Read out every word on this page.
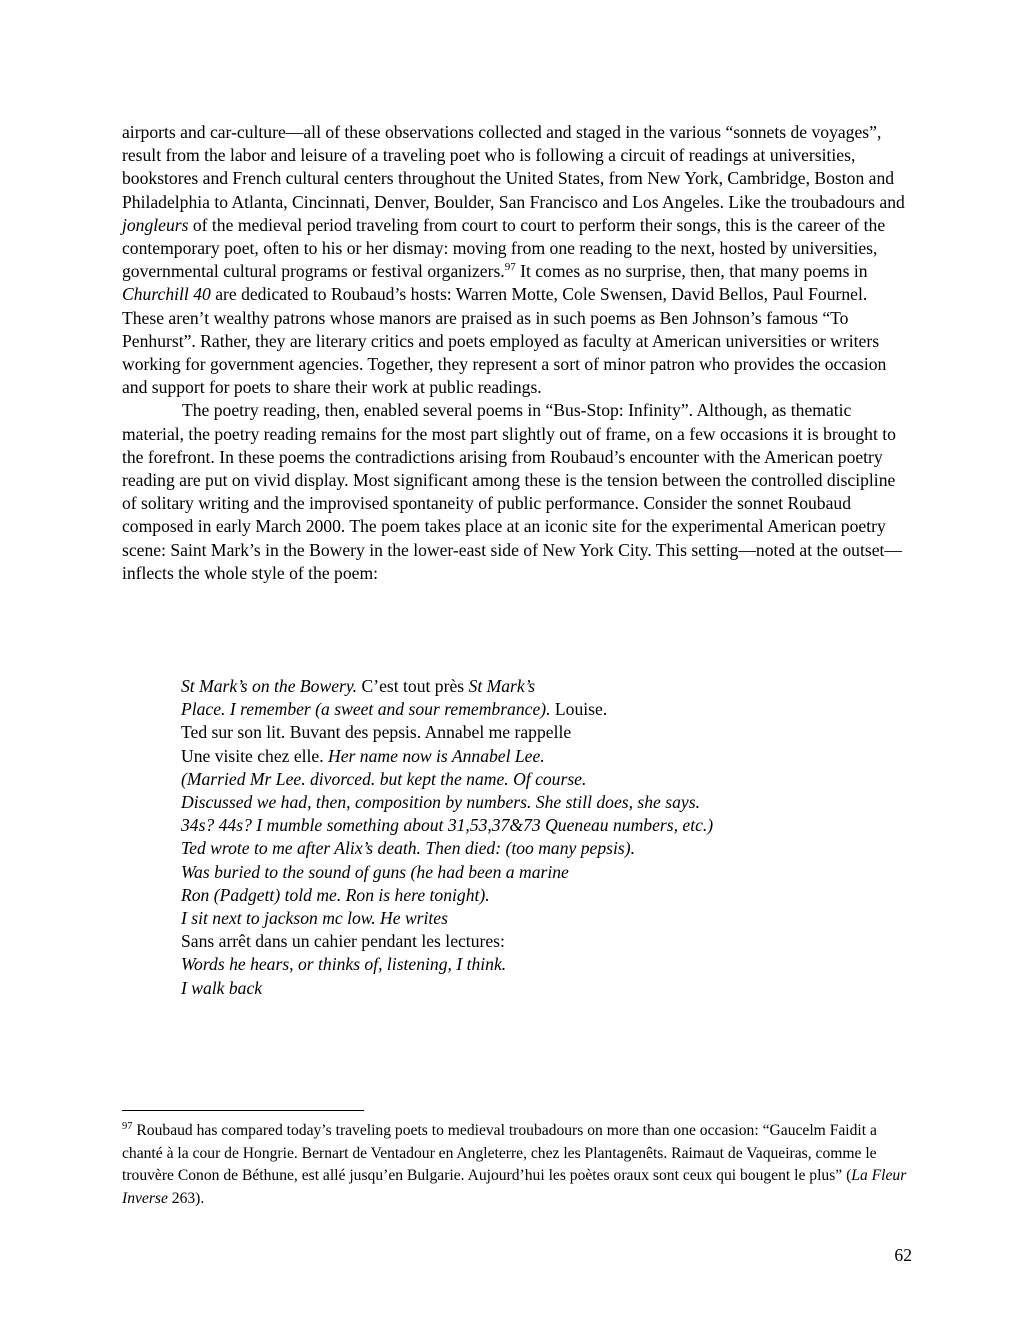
airports and car-culture—all of these observations collected and staged in the various “sonnets de voyages”, result from the labor and leisure of a traveling poet who is following a circuit of readings at universities, bookstores and French cultural centers throughout the United States, from New York, Cambridge, Boston and Philadelphia to Atlanta, Cincinnati, Denver, Boulder, San Francisco and Los Angeles. Like the troubadours and jongleurs of the medieval period traveling from court to court to perform their songs, this is the career of the contemporary poet, often to his or her dismay: moving from one reading to the next, hosted by universities, governmental cultural programs or festival organizers.$^{97}$ It comes as no surprise, then, that many poems in Churchill 40 are dedicated to Roubaud’s hosts: Warren Motte, Cole Swensen, David Bellos, Paul Fournel. These aren’t wealthy patrons whose manors are praised as in such poems as Ben Johnson’s famous “To Penhurst”. Rather, they are literary critics and poets employed as faculty at American universities or writers working for government agencies. Together, they represent a sort of minor patron who provides the occasion and support for poets to share their work at public readings.

The poetry reading, then, enabled several poems in “Bus-Stop: Infinity”. Although, as thematic material, the poetry reading remains for the most part slightly out of frame, on a few occasions it is brought to the forefront. In these poems the contradictions arising from Roubaud’s encounter with the American poetry reading are put on vivid display. Most significant among these is the tension between the controlled discipline of solitary writing and the improvised spontaneity of public performance. Consider the sonnet Roubaud composed in early March 2000. The poem takes place at an iconic site for the experimental American poetry scene: Saint Mark’s in the Bowery in the lower-east side of New York City. This setting—noted at the outset—inflects the whole style of the poem:

St Mark’s on the Bowery. C’est tout près St Mark’s
Place. I remember (a sweet and sour remembrance). Louise.
Ted sur son lit. Buvant des pepsis. Annabel me rappelle
Une visite chez elle. Her name now is Annabel Lee.
(Married Mr Lee. divorced. but kept the name. Of course.
Discussed we had, then, composition by numbers. She still does, she says.
34s? 44s? I mumble something about 31,53,37&73 Queneau numbers, etc.)
Ted wrote to me after Alix’s death. Then died: (too many pepsis).
Was buried to the sound of guns (he had been a marine
Ron (Padgett) told me. Ron is here tonight).
I sit next to jackson mc low. He writes
Sans arrêt dans un cahier pendant les lectures:
Words he hears, or thinks of, listening, I think.
I walk back
$^{97}$ Roubaud has compared today’s traveling poets to medieval troubadours on more than one occasion: “Gaucelm Faidit a chanté à la cour de Hongrie. Bernart de Ventadour en Angleterre, chez les Plantagenêts. Raimaut de Vaqueiras, comme le trouvère Conon de Béthune, est allé jusqu’en Bulgarie. Aujourd’hui les poètes oraux sont ceux qui bougent le plus” (La Fleur Inverse 263).
62
